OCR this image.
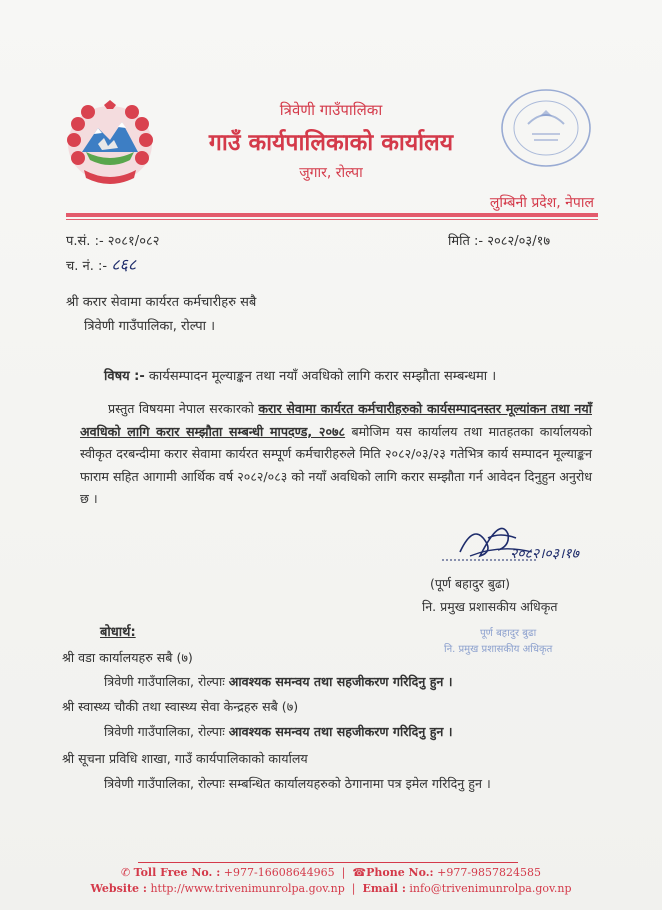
त्रिवेणी गाउँपालिका
गाउँ कार्यपालिकाको कार्यालय
जुगार, रोल्पा
लुम्बिनी प्रदेश, नेपाल
प.सं. :- २०८१/०८२
च. नं. :- ८६८
मिति :- २०८२/०३/१७
श्री करार सेवामा कार्यरत कर्मचारीहरु सबै
त्रिवेणी गाउँपालिका, रोल्पा ।
विषय :- कार्यसम्पादन मूल्याङ्कन तथा नयाँ अवधिको लागि करार सम्झौता सम्बन्धमा ।
प्रस्तुत विषयमा नेपाल सरकारको करार सेवामा कार्यरत कर्मचारीहरुको कार्यसम्पादनस्तर मूल्यांकन तथा नयाँ अवधिको लागि करार सम्झौता सम्बन्धी मापदण्ड, २०७८ बमोजिम यस कार्यालय तथा मातहतका कार्यालयको स्वीकृत दरबन्दीमा करार सेवामा कार्यरत सम्पूर्ण कर्मचारीहरुले मिति २०८२/०३/२३ गतेभित्र कार्य सम्पादन मूल्याङ्कन फाराम सहित आगामी आर्थिक वर्ष २०८२/०८३ को नयाँ अवधिको लागि करार सम्झौता गर्न आवेदन दिनुहुन अनुरोध छ ।
२०८२।०३।१७
(पूर्ण बहादुर बुढा)
नि. प्रमुख प्रशासकीय अधिकृत
पूर्ण बहादुर बुढा
नि. प्रमुख प्रशासकीय अधिकृत
बोधार्थ:
श्री वडा कार्यालयहरु सबै (७)
त्रिवेणी गाउँपालिका, रोल्पाः आवश्यक समन्वय तथा सहजीकरण गरिदिनु हुन ।
श्री स्वास्थ्य चौकी तथा स्वास्थ्य सेवा केन्द्रहरु सबै (७)
त्रिवेणी गाउँपालिका, रोल्पाः आवश्यक समन्वय तथा सहजीकरण गरिदिनु हुन ।
श्री सूचना प्रविधि शाखा, गाउँ कार्यपालिकाको कार्यालय
त्रिवेणी गाउँपालिका, रोल्पाः सम्बन्धित कार्यालयहरुको ठेगानामा पत्र इमेल गरिदिनु हुन ।
✆ Toll Free No. : +977-16608644965  |  ☎Phone No.: +977-9857824585
Website : http://www.trivenimunrolpa.gov.np  |  Email : info@trivenimunrolpa.gov.np
